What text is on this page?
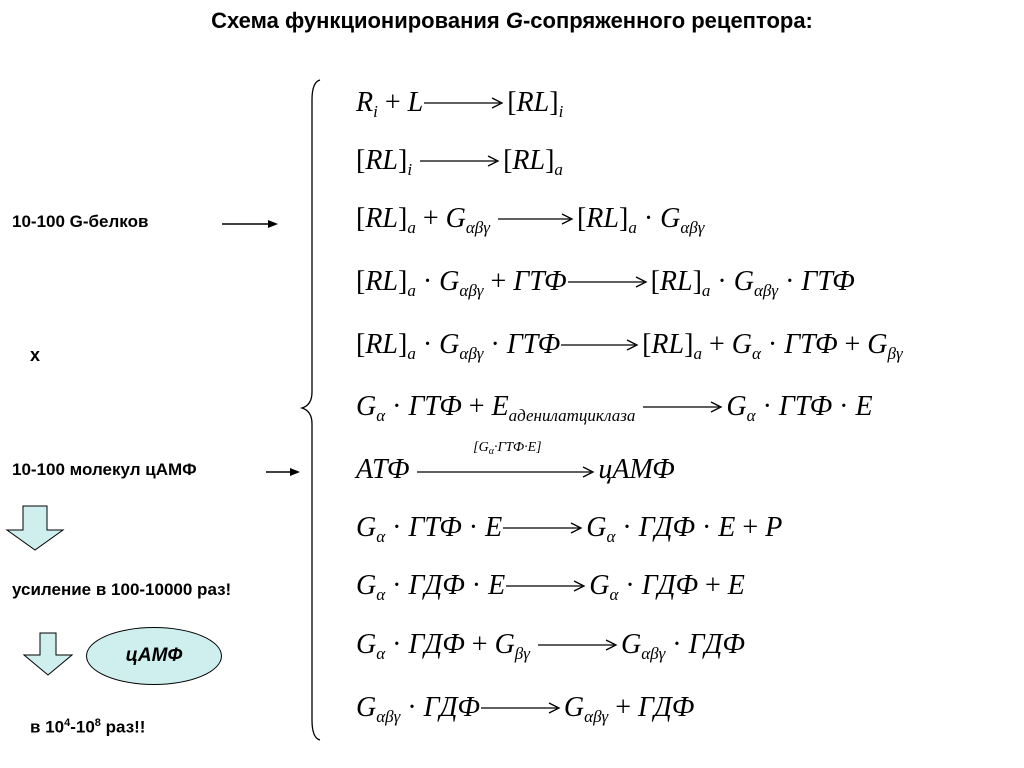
Схема функционирования G-сопряженного рецептора:
10-100 G-белков
x
10-100 молекул цАМФ
усиление в 100-10000 раз!
в $10^4-10^8$ раз!!
цАМФ
$R_i + L\to[RL]_i$
$[RL]_i \to[RL]_a$
$[RL]_a + G_{\alpha\beta\gamma} \to[RL]_a \cdot G_{\alpha\beta\gamma}$
$[RL]_a \cdot G_{\alpha\beta\gamma} + ГТФ\to[RL]_a \cdot G_{\alpha\beta\gamma}$ · ГТФ
$[RL]_a \cdot G_{\alpha\beta\gamma} \cdot ГТФ\to[RL]_a + G_\alpha$ · ГТФ + $G_{\beta\gamma}$
$G_\alpha$ · ГТФ + $E_{аденилатциклаза} \to G_\alpha$ · ГТФ · E
АТФ
$[G_\alpha\cdot ГТФ\cdot E]$
цАМФ
$G_\alpha$ · ГТФ · $E\to G_\alpha$ · ГДФ · E + P
$G_\alpha$ · ГДФ · $E\to G_\alpha$ · ГДФ + E
$G_\alpha$ · ГДФ + $G_{\beta\gamma} \to G_{\alpha\beta\gamma}$ · ГДФ
$G_{\alpha\beta\gamma} \cdot ГДФ\to G_{\alpha\beta\gamma}$ + ГДФ
